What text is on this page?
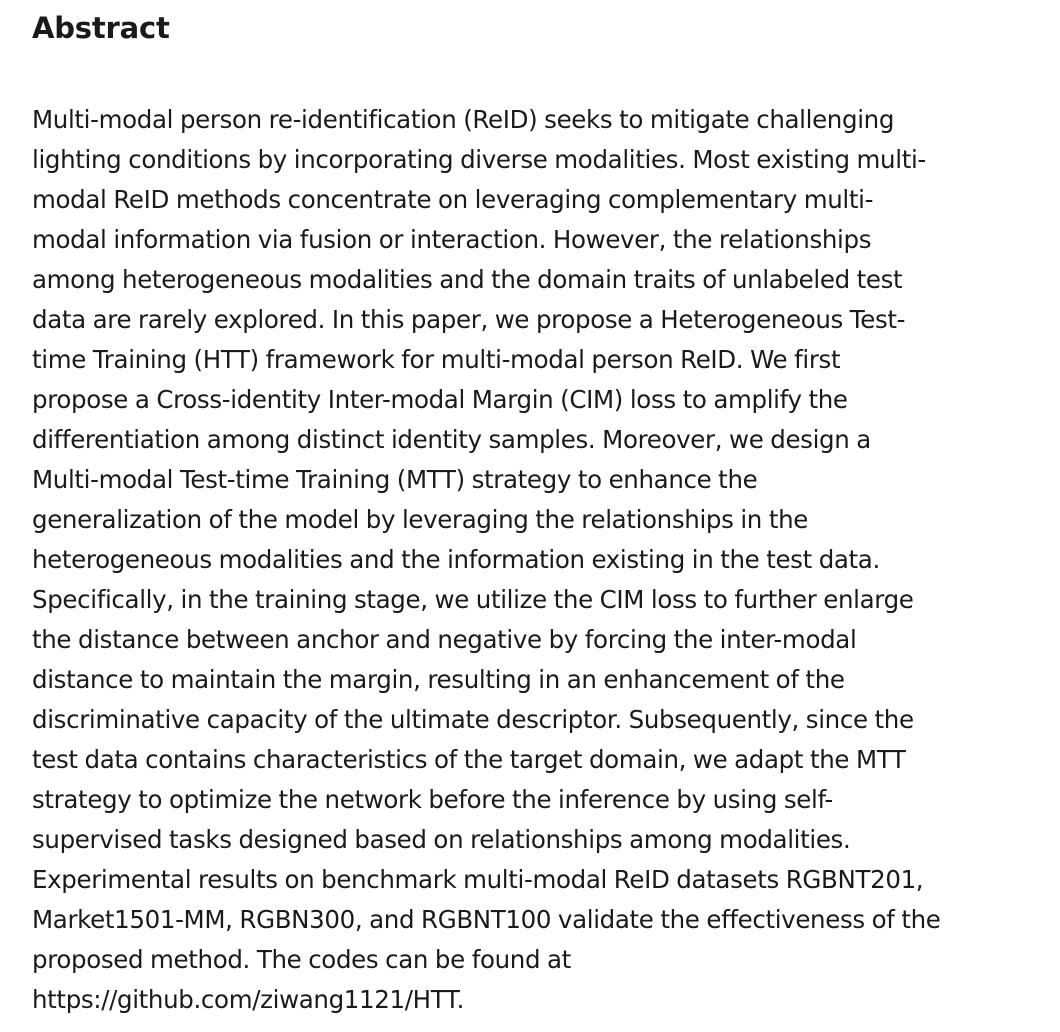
Abstract

Multi-modal person re-identification (ReID) seeks to mitigate challenging
lighting conditions by incorporating diverse modalities. Most existing multi-
modal ReID methods concentrate on leveraging complementary multi-
modal information via fusion or interaction. However, the relationships
among heterogeneous modalities and the domain traits of unlabeled test
data are rarely explored. In this paper, we propose a Heterogeneous Test-
time Training (HTT) framework for multi-modal person ReID. We first
propose a Cross-identity Inter-modal Margin (CIM) loss to amplify the
differentiation among distinct identity samples. Moreover, we design a
Multi-modal Test-time Training (MTT) strategy to enhance the
generalization of the model by leveraging the relationships in the
heterogeneous modalities and the information existing in the test data.
Specifically, in the training stage, we utilize the CIM loss to further enlarge
the distance between anchor and negative by forcing the inter-modal
distance to maintain the margin, resulting in an enhancement of the
discriminative capacity of the ultimate descriptor. Subsequently, since the
test data contains characteristics of the target domain, we adapt the MTT
strategy to optimize the network before the inference by using self-
supervised tasks designed based on relationships among modalities.
Experimental results on benchmark multi-modal ReID datasets RGBNT201,
Market1501-MM, RGBN300, and RGBNT100 validate the effectiveness of the
proposed method. The codes can be found at
https://github.com/ziwang1121/HTT.
